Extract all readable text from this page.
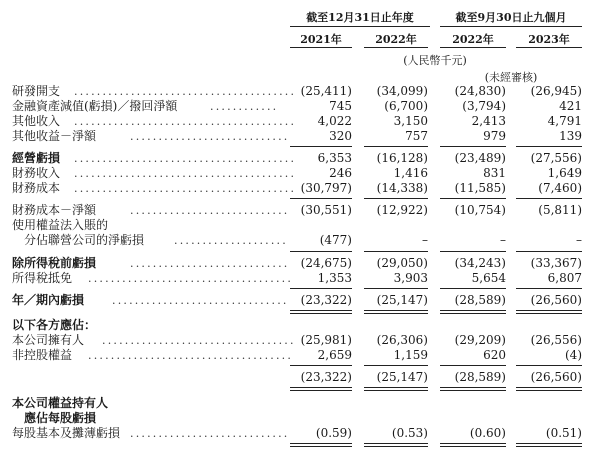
截至12月31日止年度	截至9月30日止九個月
2021年	2022年	2022年	2023年
(人民幣千元)
(未經審核)
研發開支 ....................................... (25,411)	(34,099)	(24,830)	(26,945)
金融資產減值(虧損)／撥回淨額	............	745	(6,700)	(3,794)	421
其他收入 .......................................	4,022	3,150	2,413	4,791
其他收益－淨額	............................	320	757	979	139
經營虧損 .......................................	6,353	(16,128)	(23,489)	(27,556)
財務收入 .......................................	246	1,416	831	1,649
財務成本 ....................................... (30,797)	(14,338)	(11,585)	(7,460)
財務成本－淨額	............................ (30,551)	(12,922)	(10,754)	(5,811)
使用權益法入賬的
分佔聯營公司的淨虧損	....................	(477)	–	–	–
除所得稅前虧損	............................ (24,675)	(29,050)	(34,243)	(33,367)
所得稅抵免 ....................................	1,353	3,903	5,654	6,807
年／期內虧損	...............................	(23,322)	(25,147)	(28,589)	(26,560)
以下各方應佔：
本公司擁有人 .................................. (25,981)	(26,306)	(29,209)	(26,556)
非控股權益 ....................................	2,659	1,159	620	(4)
(23,322)	(25,147)	(28,589)	(26,560)
本公司權益持有人
應佔每股虧損
每股基本及攤薄虧損 ............................	(0.59)	(0.53)	(0.60)	(0.51)
